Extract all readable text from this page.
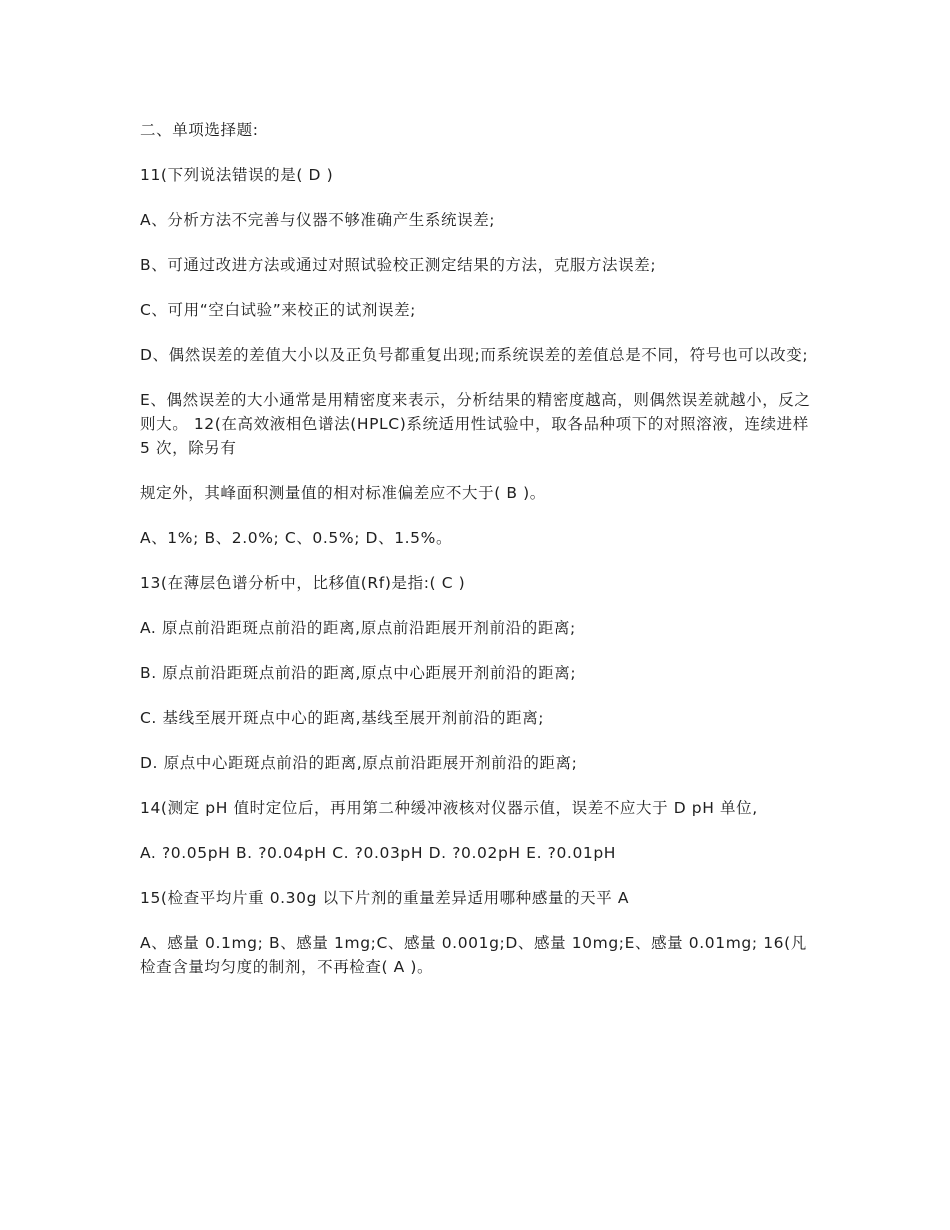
二、单项选择题:

11(下列说法错误的是( D )

A、分析方法不完善与仪器不够准确产生系统误差;

B、可通过改进方法或通过对照试验校正测定结果的方法，克服方法误差;

C、可用“空白试验”来校正的试剂误差;

D、偶然误差的差值大小以及正负号都重复出现;而系统误差的差值总是不同，符号也可以改变;

E、偶然误差的大小通常是用精密度来表示，分析结果的精密度越高，则偶然误差就越小，反之则大。 12(在高效液相色谱法(HPLC)系统适用性试验中，取各品种项下的对照溶液，连续进样 5 次，除另有

规定外，其峰面积测量值的相对标准偏差应不大于( B )。

A、1%; B、2.0%; C、0.5%; D、1.5%。

13(在薄层色谱分析中，比移值(Rf)是指:( C )

A. 原点前沿距斑点前沿的距离,原点前沿距展开剂前沿的距离;

B. 原点前沿距斑点前沿的距离,原点中心距展开剂前沿的距离;

C. 基线至展开斑点中心的距离,基线至展开剂前沿的距离;

D. 原点中心距斑点前沿的距离,原点前沿距展开剂前沿的距离;

14(测定 pH 值时定位后，再用第二种缓冲液核对仪器示值，误差不应大于 D pH 单位,

A. ?0.05pH B. ?0.04pH C. ?0.03pH D. ?0.02pH E. ?0.01pH

15(检查平均片重 0.30g 以下片剂的重量差异适用哪种感量的天平 A

A、感量 0.1mg; B、感量 1mg;C、感量 0.001g;D、感量 10mg;E、感量 0.01mg; 16(凡检查含量均匀度的制剂，不再检查( A )。
